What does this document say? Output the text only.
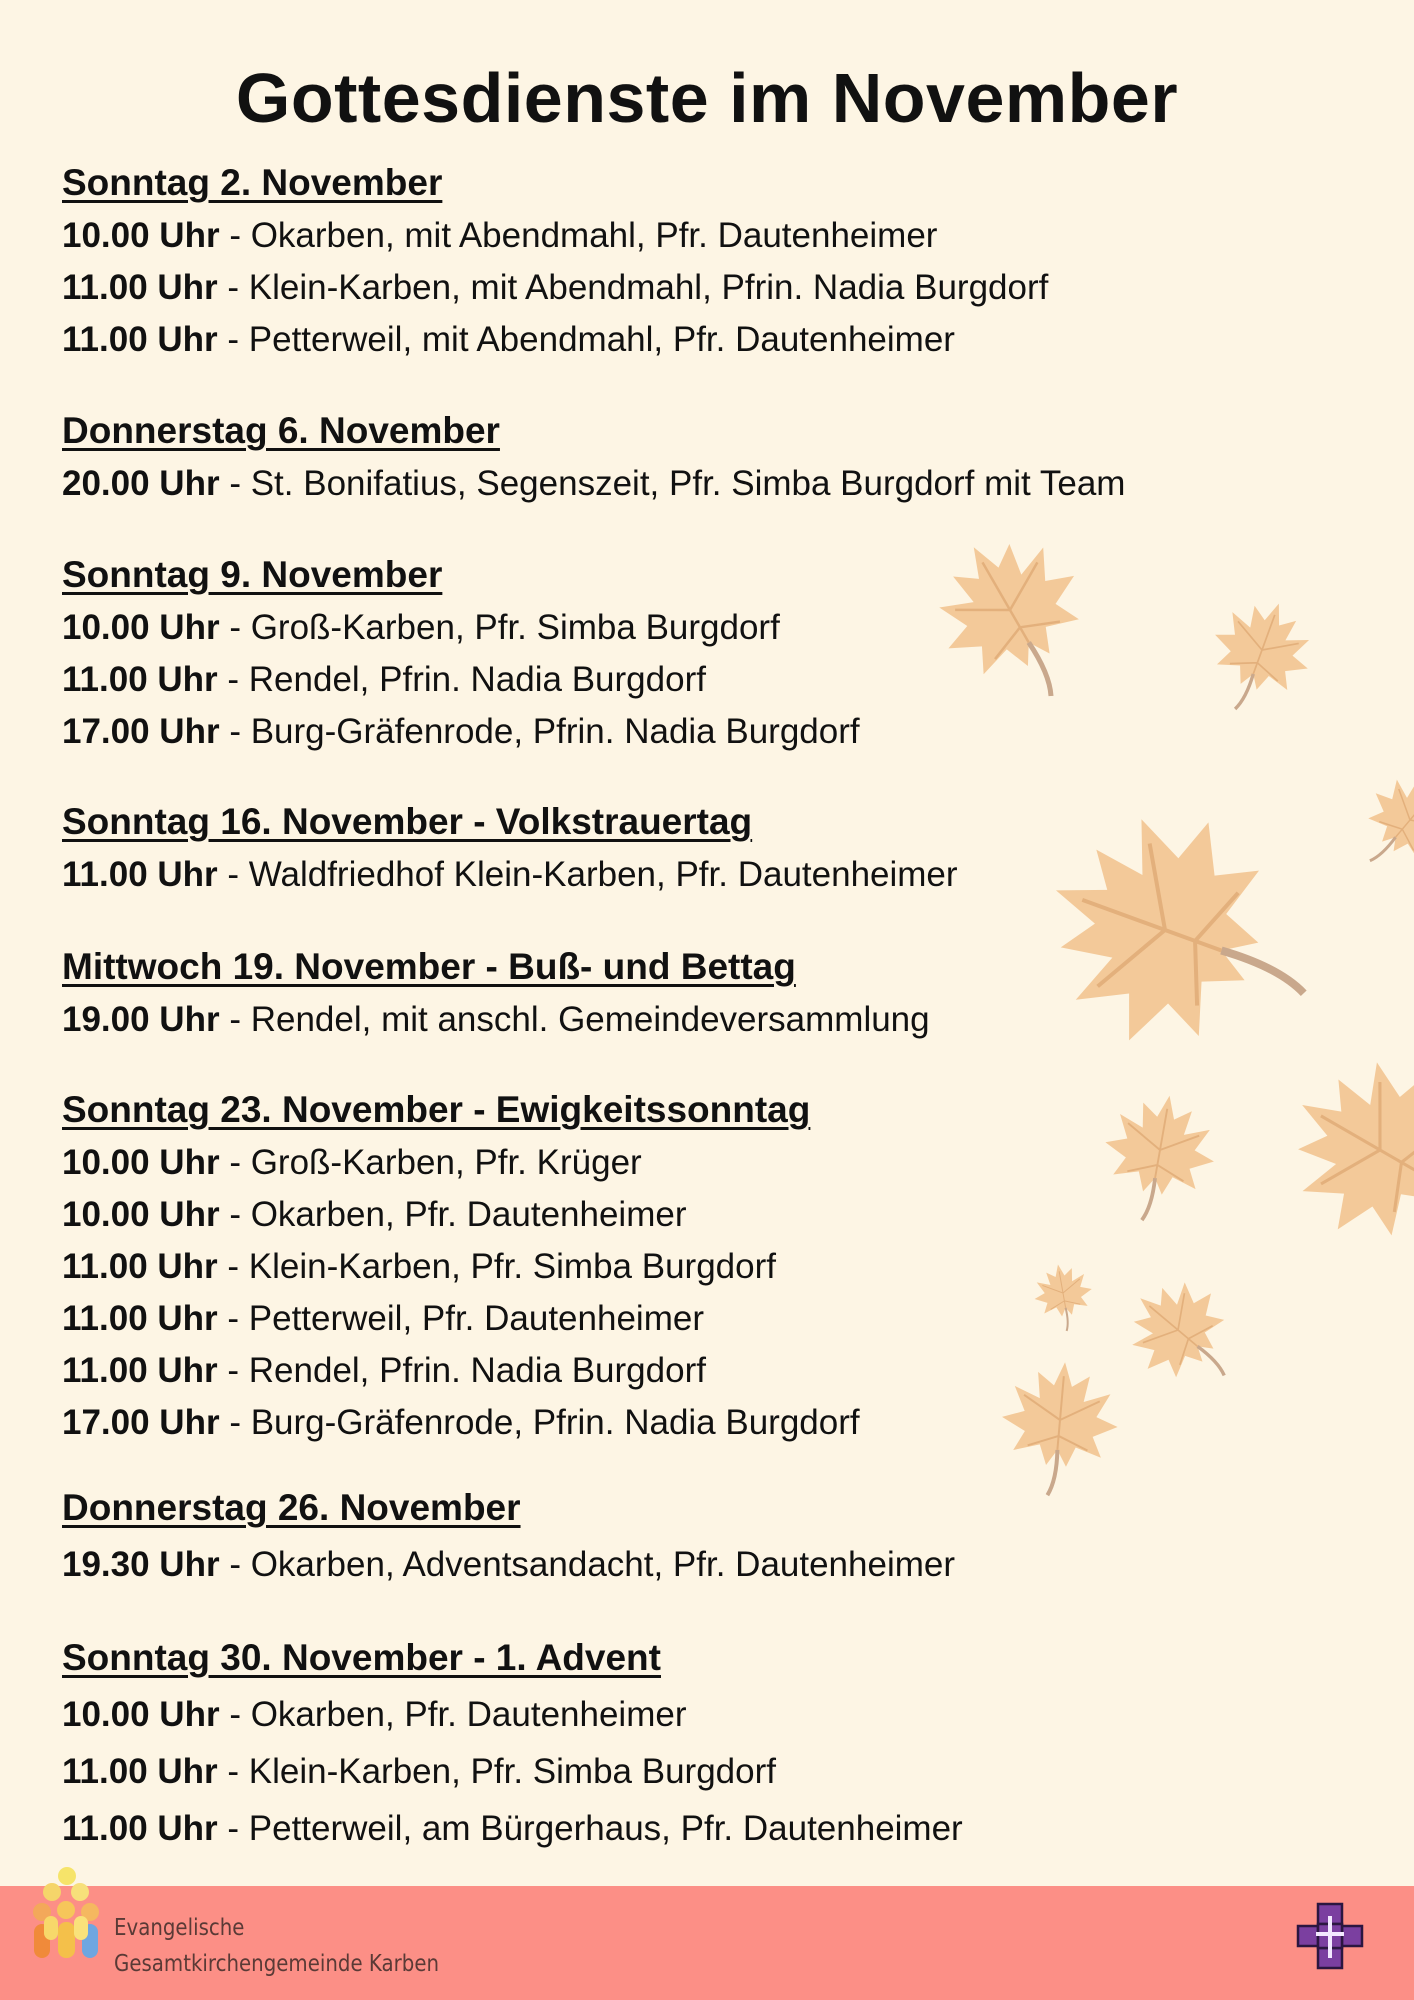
Gottesdienste im November
Sonntag 2. November
10.00 Uhr - Okarben, mit Abendmahl, Pfr. Dautenheimer
11.00 Uhr - Klein-Karben, mit Abendmahl, Pfrin. Nadia Burgdorf
11.00 Uhr - Petterweil, mit Abendmahl, Pfr. Dautenheimer
Donnerstag 6. November
20.00 Uhr - St. Bonifatius, Segenszeit, Pfr. Simba Burgdorf mit Team
Sonntag 9. November
10.00 Uhr - Groß-Karben, Pfr. Simba Burgdorf
11.00 Uhr - Rendel, Pfrin. Nadia Burgdorf
17.00 Uhr - Burg-Gräfenrode, Pfrin. Nadia Burgdorf
Sonntag 16. November - Volkstrauertag
11.00 Uhr - Waldfriedhof Klein-Karben, Pfr. Dautenheimer
Mittwoch 19. November - Buß- und Bettag
19.00 Uhr - Rendel, mit anschl. Gemeindeversammlung
Sonntag 23. November - Ewigkeitssonntag
10.00 Uhr - Groß-Karben, Pfr. Krüger
10.00 Uhr - Okarben, Pfr. Dautenheimer
11.00 Uhr - Klein-Karben, Pfr. Simba Burgdorf
11.00 Uhr - Petterweil, Pfr. Dautenheimer
11.00 Uhr - Rendel, Pfrin. Nadia Burgdorf
17.00 Uhr - Burg-Gräfenrode, Pfrin. Nadia Burgdorf
Donnerstag 26. November
19.30 Uhr - Okarben, Adventsandacht, Pfr. Dautenheimer
Sonntag 30. November - 1. Advent
10.00 Uhr - Okarben, Pfr. Dautenheimer
11.00 Uhr - Klein-Karben, Pfr. Simba Burgdorf
11.00 Uhr - Petterweil, am Bürgerhaus, Pfr. Dautenheimer
Evangelische
Gesamtkirchengemeinde Karben
